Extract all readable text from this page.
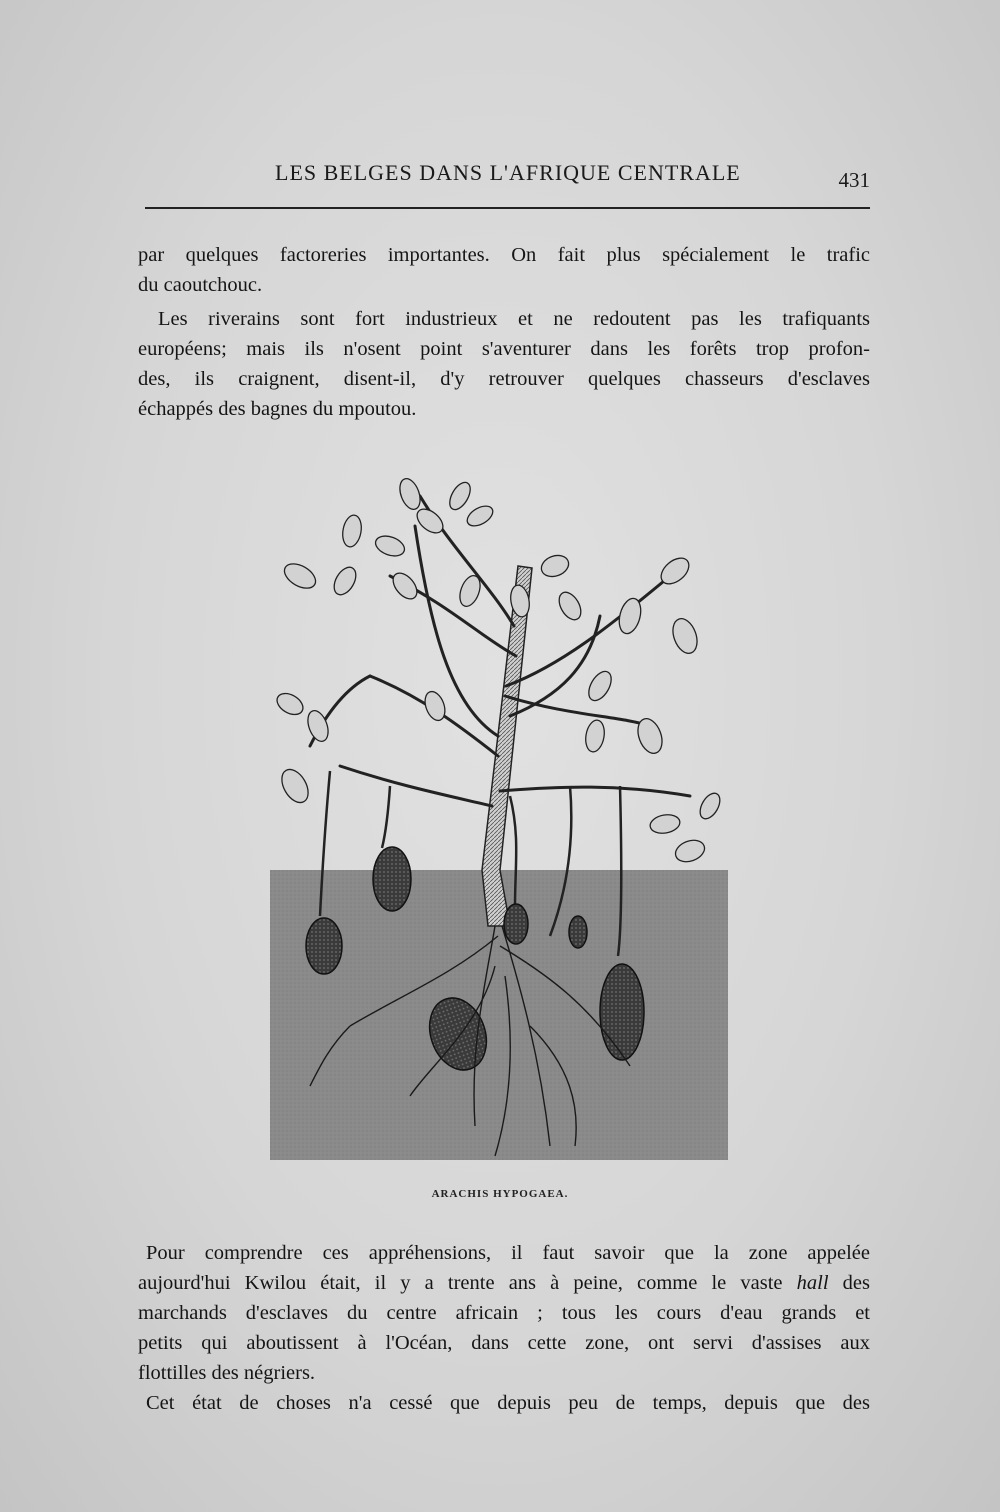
LES BELGES DANS L'AFRIQUE CENTRALE	431

par quelques factoreries importantes. On fait plus spécialement le trafic
du caoutchouc.

Les riverains sont fort industrieux et ne redoutent pas les trafiquants
européens; mais ils n'osent point s'aventurer dans les forêts trop profon-
des, ils craignent, disent-il, d'y retrouver quelques chasseurs d'esclaves
échappés des bagnes du mpoutou.

ARACHIS HYPOGAEA.

Pour comprendre ces appréhensions, il faut savoir que la zone appelée
aujourd'hui Kwilou était, il y a trente ans à peine, comme le vaste hall des
marchands d'esclaves du centre africain ; tous les cours d'eau grands et
petits qui aboutissent à l'Océan, dans cette zone, ont servi d'assises aux
flottilles des négriers.

Cet état de choses n'a cessé que depuis peu de temps, depuis que des
